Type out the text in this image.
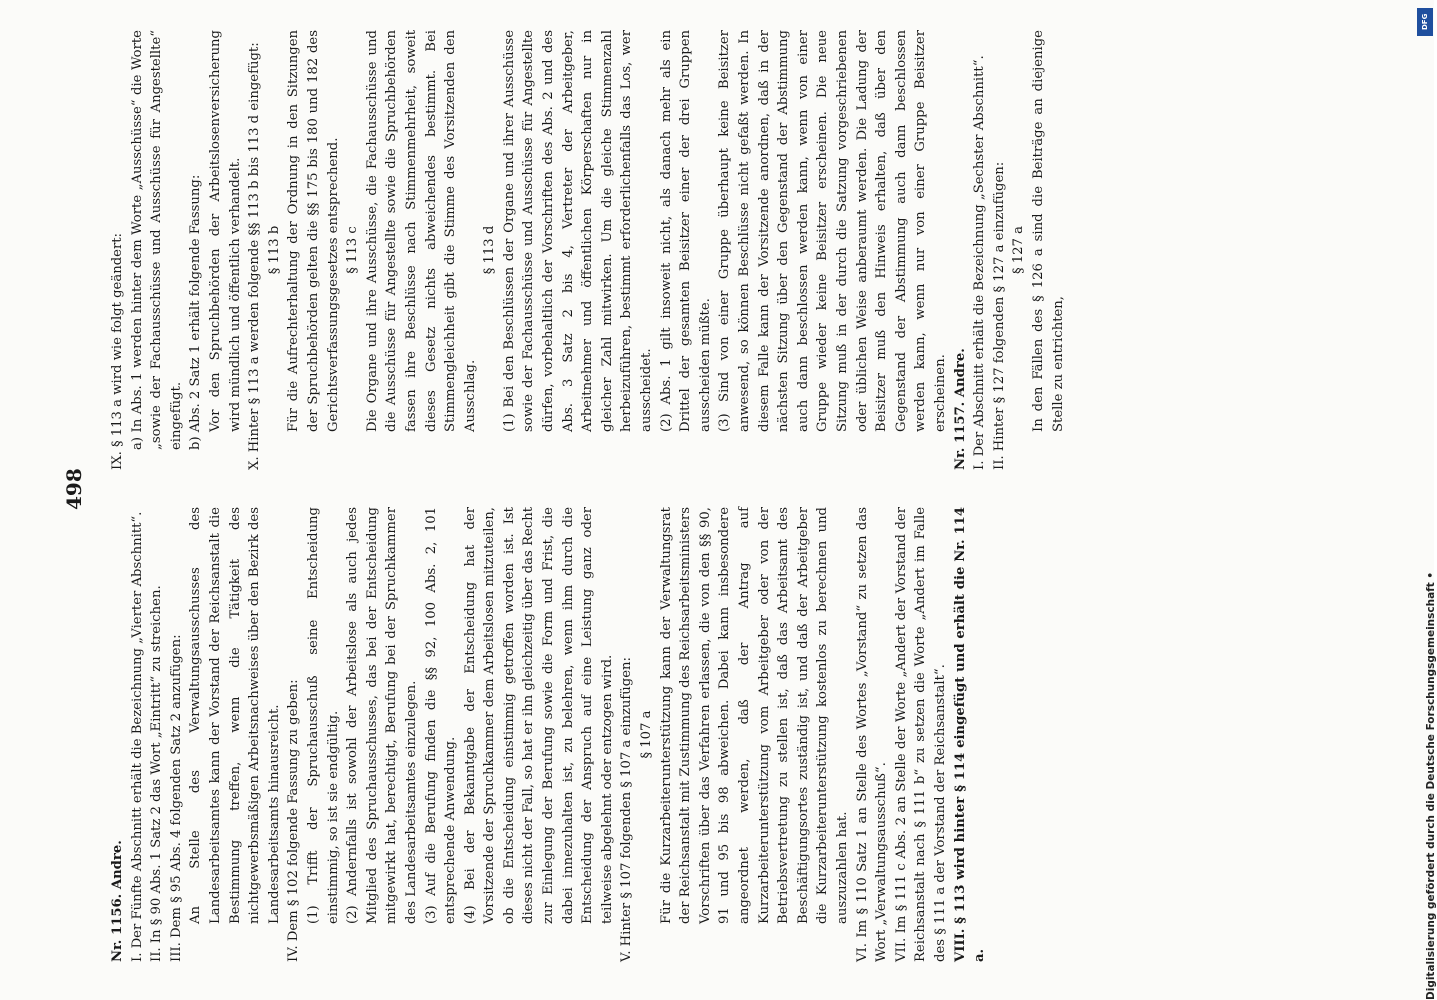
498

Nr. 1156. Andre. I. Der Fünfte Abschnitt erhält die Bezeichnung „Vierter Abschnitt“. II. In § 90 Abs. 1 Satz 2 das Wort „Eintritt“ zu streichen. III. Dem § 95 Abs. 4 folgenden Satz 2 anzufügen: An Stelle des Verwaltungsausschusses des Landesarbeitsamtes kann der Vorstand der Reichsanstalt die Bestimmung treffen, wenn die Tätigkeit des nichtgewerbsmäßigen Arbeitsnachweises über den Bezirk des Landesarbeitsamts hinausreicht. IV. Dem § 102 folgende Fassung zu geben: (1) Trifft der Spruchausschuß seine Entscheidung einstimmig, so ist sie endgültig. (2) Andernfalls ist sowohl der Arbeitslose als auch jedes Mitglied des Spruchausschusses, das bei der Entscheidung mitgewirkt hat, berechtigt, Berufung bei der Spruchkammer des Landesarbeitsamtes einzulegen. (3) Auf die Berufung finden die §§ 92, 100 Abs. 2, 101 entsprechende Anwendung. (4) Bei der Bekanntgabe der Entscheidung hat der Vorsitzende der Spruchkammer dem Arbeitslosen mitzuteilen, ob die Entscheidung einstimmig getroffen worden ist. Ist dieses nicht der Fall, so hat er ihn gleichzeitig über das Recht zur Einlegung der Berufung sowie die Form und Frist, die dabei innezuhalten ist, zu belehren, wenn ihm durch die Entscheidung der Anspruch auf eine Leistung ganz oder teilweise abgelehnt oder entzogen wird. V. Hinter § 107 folgenden § 107 a einzufügen: § 107 a Für die Kurzarbeiterunterstützung kann der Verwaltungsrat der Reichsanstalt mit Zustimmung des Reichsarbeitsministers Vorschriften über das Verfahren erlassen, die von den §§ 90, 91 und 95 bis 98 abweichen. Dabei kann insbesondere angeordnet werden, daß der Antrag auf Kurzarbeiterunterstützung vom Arbeitgeber oder von der Betriebsvertretung zu stellen ist, daß das Arbeitsamt des Beschäftigungsortes zuständig ist, und daß der Arbeitgeber die Kurzarbeiterunterstützung kostenlos zu berechnen und auszuzahlen hat. VI. Im § 110 Satz 1 an Stelle des Wortes „Vorstand“ zu setzen das Wort „Verwaltungsausschuß“. VII. Im § 111 c Abs. 2 an Stelle der Worte „Andert der Vorstand der Reichsanstalt nach § 111 b“ zu setzen die Worte „Andert im Falle des § 111 a der Vorstand der Reichsanstalt“. VIII. § 113 wird hinter § 114 eingefügt und erhält die Nr. 114 a.

IX. § 113 a wird wie folgt geändert: a) In Abs. 1 werden hinter dem Worte „Ausschüsse“ die Worte „sowie der Fachausschüsse und Ausschüsse für Angestellte“ eingefügt. b) Abs. 2 Satz 1 erhält folgende Fassung: Vor den Spruchbehörden der Arbeitslosenversicherung wird mündlich und öffentlich verhandelt. X. Hinter § 113 a werden folgende §§ 113 b bis 113 d eingefügt: § 113 b Für die Aufrechterhaltung der Ordnung in den Sitzungen der Spruchbehörden gelten die §§ 175 bis 180 und 182 des Gerichtsverfassungsgesetzes entsprechend. § 113 c Die Organe und ihre Ausschüsse, die Fachausschüsse und die Ausschüsse für Angestellte sowie die Spruchbehörden fassen ihre Beschlüsse nach Stimmenmehrheit, soweit dieses Gesetz nichts abweichendes bestimmt. Bei Stimmengleichheit gibt die Stimme des Vorsitzenden den Ausschlag.

§ 113 d (1) Bei den Beschlüssen der Organe und ihrer Ausschüsse sowie der Fachausschüsse und Ausschüsse für Angestellte dürfen, vorbehaltlich der Vorschriften des Abs. 2 und des Abs. 3 Satz 2 bis 4, Vertreter der Arbeitgeber, Arbeitnehmer und öffentlichen Körperschaften nur in gleicher Zahl mitwirken. Um die gleiche Stimmenzahl herbeizuführen, bestimmt erforderlichenfalls das Los, wer ausscheidet. (2) Abs. 1 gilt insoweit nicht, als danach mehr als ein Drittel der gesamten Beisitzer einer der drei Gruppen ausscheiden müßte. (3) Sind von einer Gruppe überhaupt keine Beisitzer anwesend, so können Beschlüsse nicht gefaßt werden. In diesem Falle kann der Vorsitzende anordnen, daß in der nächsten Sitzung über den Gegenstand der Abstimmung auch dann beschlossen werden kann, wenn von einer Gruppe wieder keine Beisitzer erscheinen. Die neue Sitzung muß in der durch die Satzung vorgeschriebenen oder üblichen Weise anberaumt werden. Die Ladung der Beisitzer muß den Hinweis erhalten, daß über den Gegenstand der Abstimmung auch dann beschlossen werden kann, wenn nur von einer Gruppe Beisitzer erscheinen. Nr. 1157. Andre. I. Der Abschnitt erhält die Bezeichnung „Sechster Abschnitt“. II. Hinter § 127 folgenden § 127 a einzufügen: § 127 a In den Fällen des § 126 a sind die Beiträge an diejenige Stelle zu entrichten,

Digitalisierung gefördert durch die Deutsche Forschungsgemeinschaft •
DFG
